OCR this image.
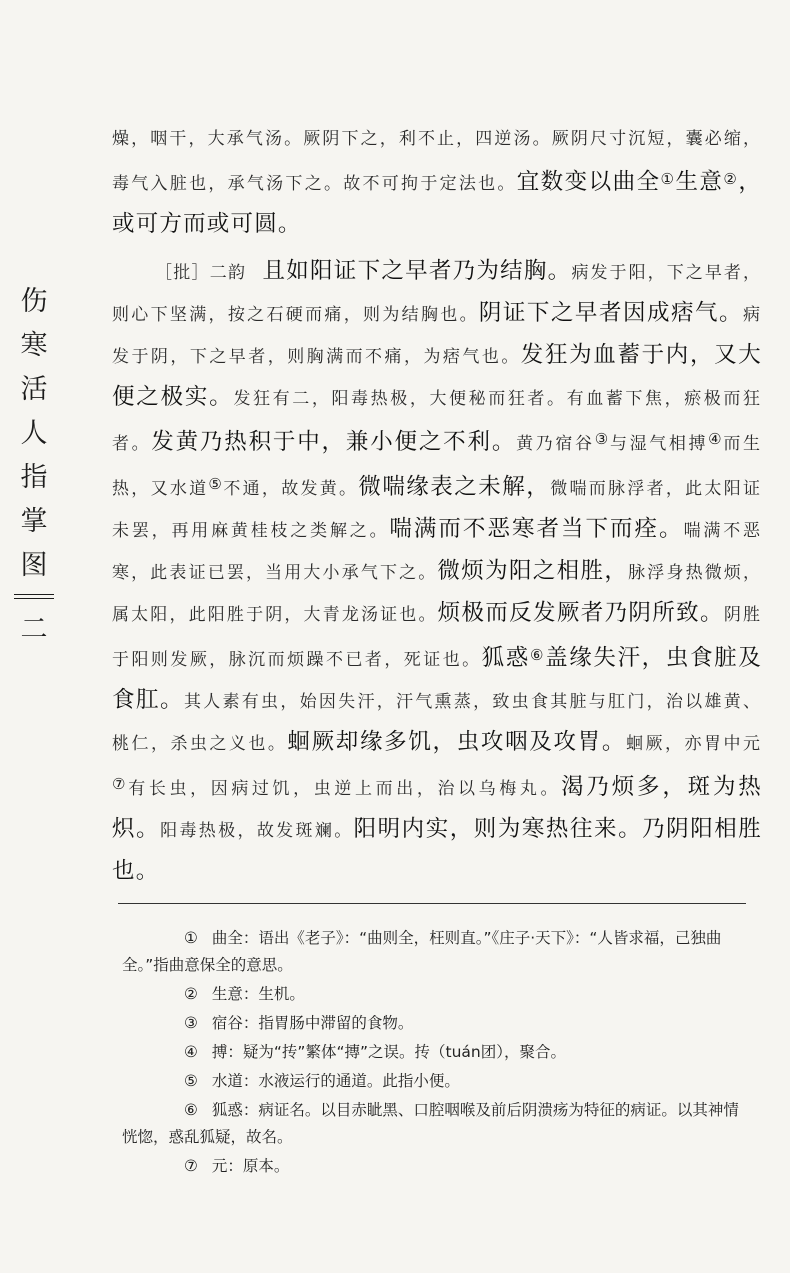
伤
寒
活
人
指
掌
图
二

燥，咽干，大承气汤。厥阴下之，利不止，四逆汤。厥阴尺寸沉短，囊必缩，毒气入脏也，承气汤下之。故不可拘于定法也。宜数变以曲全①生意②，或可方而或可圆。

［批］二韵 且如阳证下之早者乃为结胸。病发于阳，下之早者，则心下坚满，按之石硬而痛，则为结胸也。阴证下之早者因成痞气。病发于阴，下之早者，则胸满而不痛，为痞气也。发狂为血蓄于内，又大便之极实。发狂有二，阳毒热极，大便秘而狂者。有血蓄下焦，瘀极而狂者。发黄乃热积于中，兼小便之不利。黄乃宿谷③与湿气相搏④而生热，又水道⑤不通，故发黄。微喘缘表之未解，微喘而脉浮者，此太阳证未罢，再用麻黄桂枝之类解之。喘满而不恶寒者当下而痊。喘满不恶寒，此表证已罢，当用大小承气下之。微烦为阳之相胜，脉浮身热微烦，属太阳，此阳胜于阴，大青龙汤证也。烦极而反发厥者乃阴所致。阴胜于阳则发厥，脉沉而烦躁不已者，死证也。狐惑⑥盖缘失汗，虫食脏及食肛。其人素有虫，始因失汗，汗气熏蒸，致虫食其脏与肛门，治以雄黄、桃仁，杀虫之义也。蛔厥却缘多饥，虫攻咽及攻胃。蛔厥，亦胃中元⑦有长虫，因病过饥，虫逆上而出，治以乌梅丸。渴乃烦多，斑为热炽。阳毒热极，故发斑斓。阳明内实，则为寒热往来。乃阴阳相胜也。

① 曲全：语出《老子》：“曲则全，枉则直。”《庄子·天下》：“人皆求福，己独曲全。”指曲意保全的意思。

② 生意：生机。

③ 宿谷：指胃肠中滞留的食物。

④ 搏：疑为“抟”繁体“摶”之误。抟（tuán团），聚合。

⑤ 水道：水液运行的通道。此指小便。

⑥ 狐惑：病证名。以目赤眦黑、口腔咽喉及前后阴溃疡为特征的病证。以其神情恍惚，惑乱狐疑，故名。

⑦ 元：原本。
